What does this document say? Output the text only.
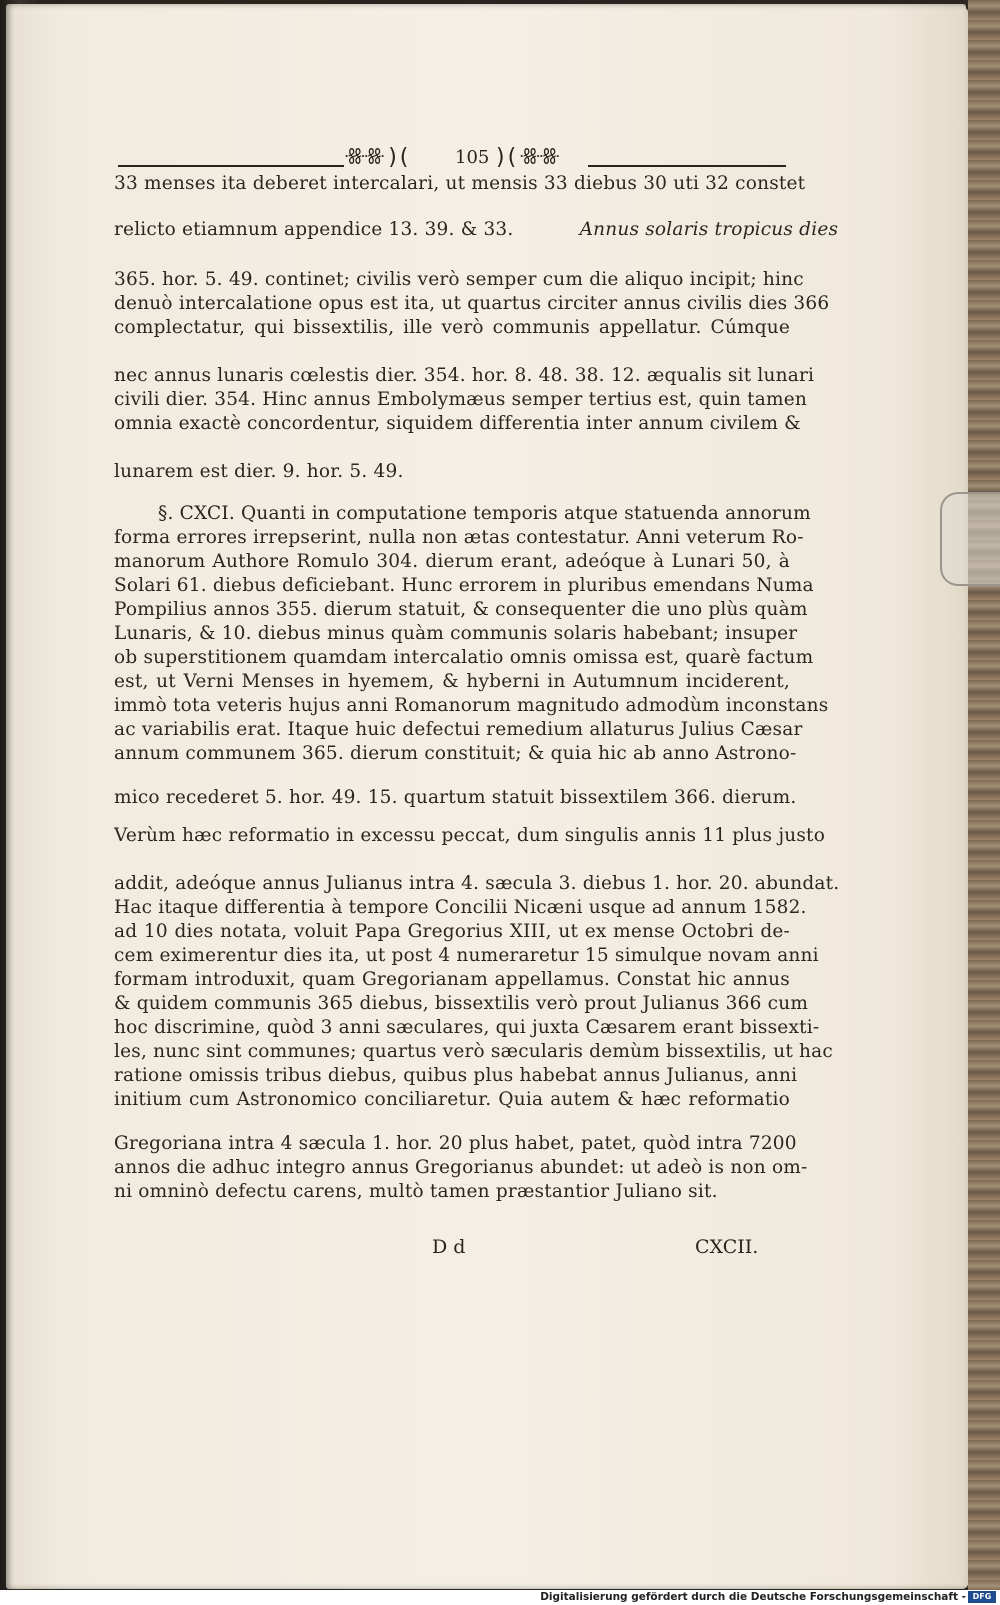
ꗥꗥ ) (	105 ) ( ꗥꗥ
33 menses ita deberet intercalari, ut mensis 33 diebus 30 uti 32 constet
relicto etiamnum appendice 13. 39. & 33.	Annus solaris tropicus dies
365. hor. 5. 49. continet; civilis verò semper cum die aliquo incipit; hinc
denuò intercalatione opus est ita, ut quartus circiter annus civilis dies 366
complectatur, qui bissextilis, ille verò communis appellatur. Cúmque
nec annus lunaris cœlestis dier. 354. hor. 8. 48. 38. 12. æqualis sit lunari
civili dier. 354. Hinc annus Embolymæus semper tertius est, quin tamen
omnia exactè concordentur, siquidem differentia inter annum civilem &
lunarem est dier. 9. hor. 5. 49.
§. CXCI. Quanti in computatione temporis atque statuenda annorum
forma errores irrepserint, nulla non ætas contestatur. Anni veterum Ro-
manorum Authore Romulo 304. dierum erant, adeóque à Lunari 50, à
Solari 61. diebus deficiebant. Hunc errorem in pluribus emendans Numa
Pompilius annos 355. dierum statuit, & consequenter die uno plùs quàm
Lunaris, & 10. diebus minus quàm communis solaris habebant; insuper
ob superstitionem quamdam intercalatio omnis omissa est, quarè factum
est, ut Verni Menses in hyemem, & hyberni in Autumnum inciderent,
immò tota veteris hujus anni Romanorum magnitudo admodùm inconstans
ac variabilis erat. Itaque huic defectui remedium allaturus Julius Cæsar
annum communem 365. dierum constituit; & quia hic ab anno Astrono-
mico recederet 5. hor. 49. 15. quartum statuit bissextilem 366. dierum.
Verùm hæc reformatio in excessu peccat, dum singulis annis 11 plus justo
addit, adeóque annus Julianus intra 4. sæcula 3. diebus 1. hor. 20. abundat.
Hac itaque differentia à tempore Concilii Nicæni usque ad annum 1582.
ad 10 dies notata, voluit Papa Gregorius XIII, ut ex mense Octobri de-
cem eximerentur dies ita, ut post 4 numeraretur 15 simulque novam anni
formam introduxit, quam Gregorianam appellamus. Constat hic annus
& quidem communis 365 diebus, bissextilis verò prout Julianus 366 cum
hoc discrimine, quòd 3 anni sæculares, qui juxta Cæsarem erant bissexti-
les, nunc sint communes; quartus verò sæcularis demùm bissextilis, ut hac
ratione omissis tribus diebus, quibus plus habebat annus Julianus, anni
initium cum Astronomico conciliaretur. Quia autem & hæc reformatio
Gregoriana intra 4 sæcula 1. hor. 20 plus habet, patet, quòd intra 7200
annos die adhuc integro annus Gregorianus abundet: ut adeò is non om-
ni omninò defectu carens, multò tamen præstantior Juliano sit.
D d	CXCII.
Digitalisierung gefördert durch die Deutsche Forschungsgemeinschaft - DFG
